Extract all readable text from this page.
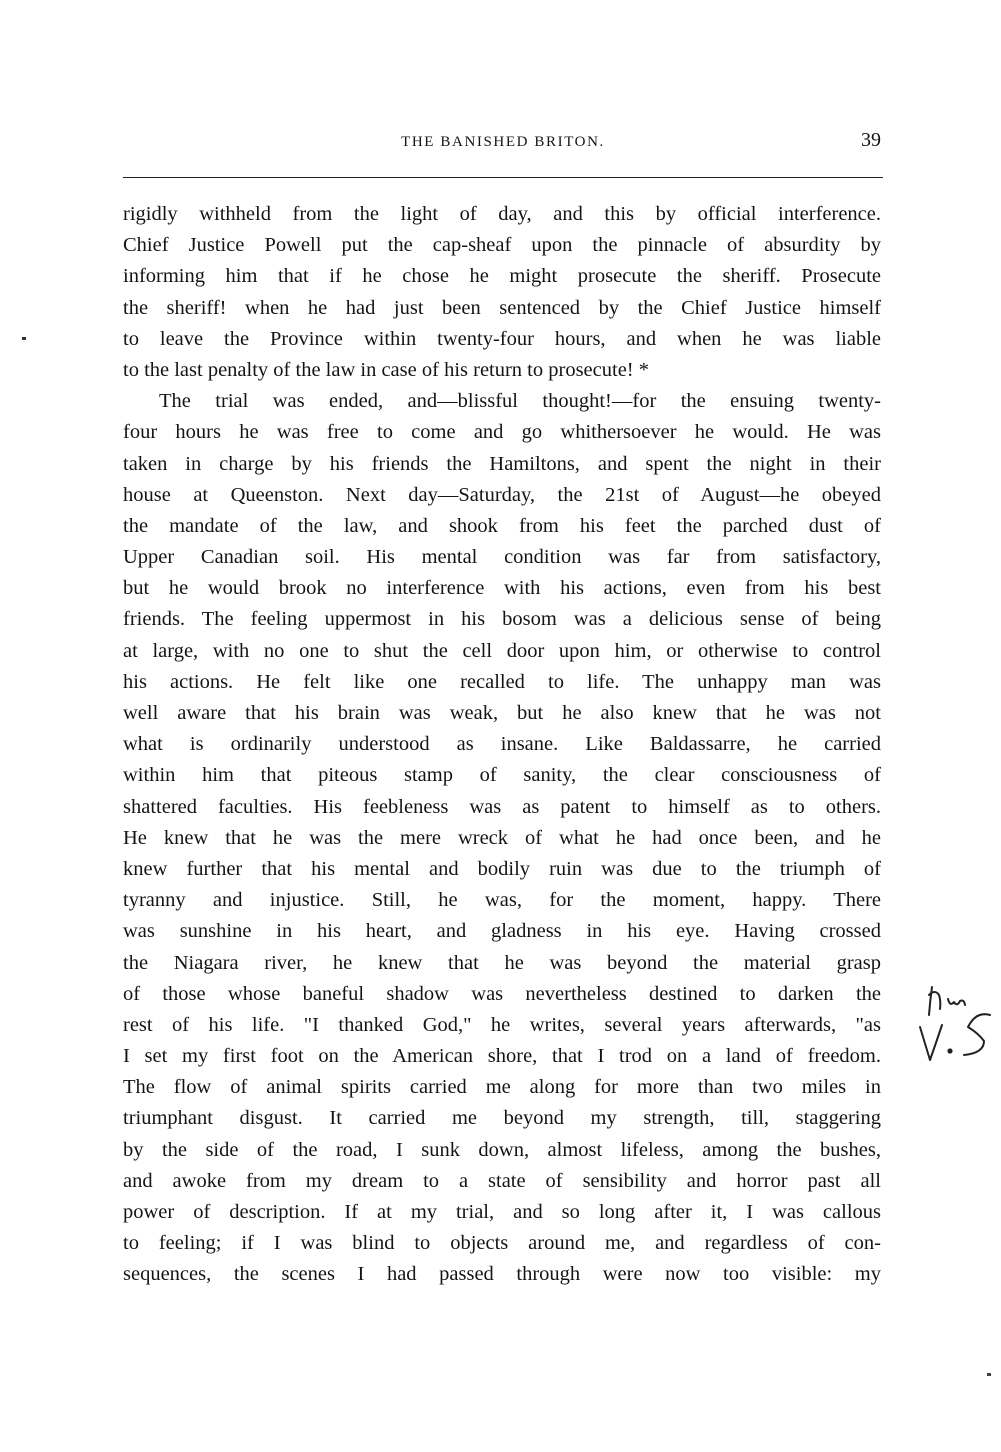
THE BANISHED BRITON.	39
rigidly withheld from the light of day, and this by official interference.
Chief Justice Powell put the cap-sheaf upon the pinnacle of absurdity by
informing him that if he chose he might prosecute the sheriff. Prosecute
the sheriff! when he had just been sentenced by the Chief Justice himself
to leave the Province within twenty-four hours, and when he was liable
to the last penalty of the law in case of his return to prosecute! *
The trial was ended, and—blissful thought!—for the ensuing twenty-
four hours he was free to come and go whithersoever he would. He was
taken in charge by his friends the Hamiltons, and spent the night in their
house at Queenston. Next day—Saturday, the 21st of August—he obeyed
the mandate of the law, and shook from his feet the parched dust of
Upper Canadian soil. His mental condition was far from satisfactory,
but he would brook no interference with his actions, even from his best
friends. The feeling uppermost in his bosom was a delicious sense of being
at large, with no one to shut the cell door upon him, or otherwise to control
his actions. He felt like one recalled to life. The unhappy man was
well aware that his brain was weak, but he also knew that he was not
what is ordinarily understood as insane. Like Baldassarre, he carried
within him that piteous stamp of sanity, the clear consciousness of
shattered faculties. His feebleness was as patent to himself as to others.
He knew that he was the mere wreck of what he had once been, and he
knew further that his mental and bodily ruin was due to the triumph of
tyranny and injustice. Still, he was, for the moment, happy. There
was sunshine in his heart, and gladness in his eye. Having crossed
the Niagara river, he knew that he was beyond the material grasp
of those whose baneful shadow was nevertheless destined to darken the
rest of his life. "I thanked God," he writes, several years afterwards, "as
I set my first foot on the American shore, that I trod on a land of freedom.
The flow of animal spirits carried me along for more than two miles in
triumphant disgust. It carried me beyond my strength, till, staggering
by the side of the road, I sunk down, almost lifeless, among the bushes,
and awoke from my dream to a state of sensibility and horror past all
power of description. If at my trial, and so long after it, I was callous
to feeling; if I was blind to objects around me, and regardless of con-
sequences, the scenes I had passed through were now too visible: my
